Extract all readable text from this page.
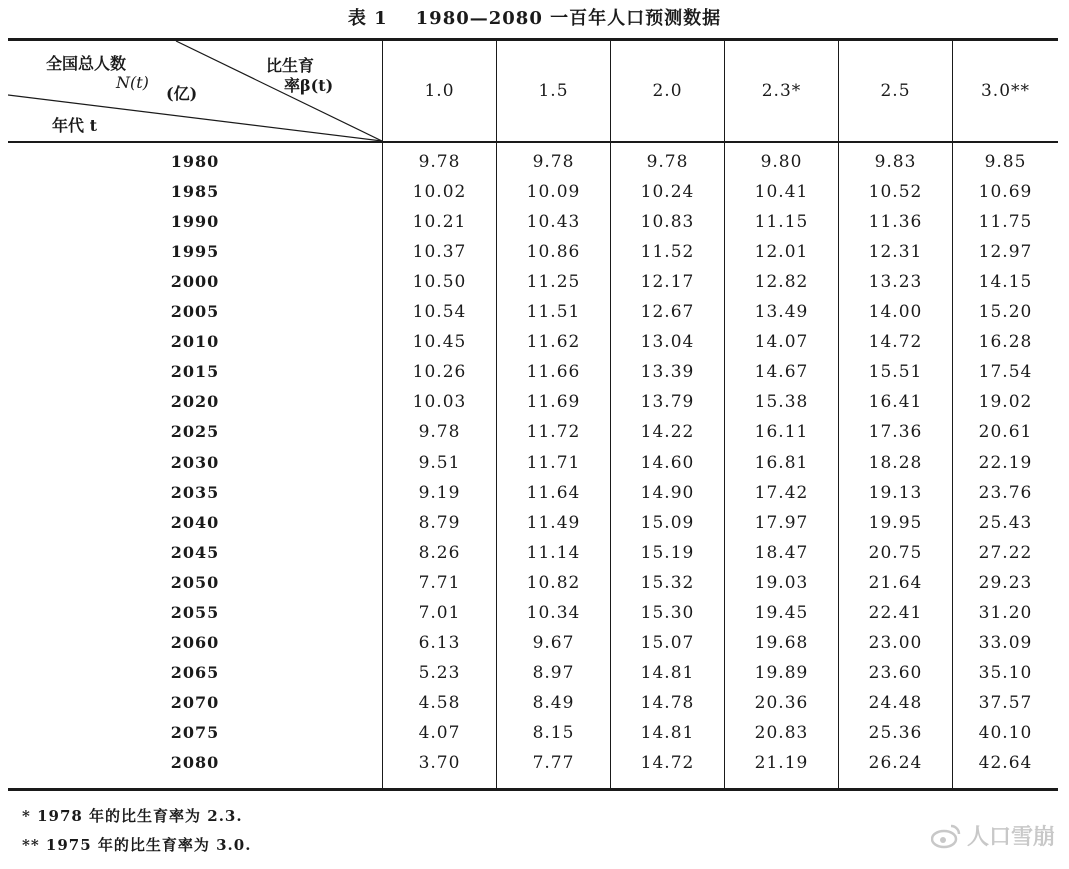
表 1 1980—2080 一百年人口预测数据
全国总人数
N(t)
(亿)
比生育
率β(t)
年代 t
1.0	1.5	2.0	2.3*	2.5	3.0**
1980	9.78	9.78	9.78	9.80	9.83	9.85
1985	10.02	10.09	10.24	10.41	10.52	10.69
1990	10.21	10.43	10.83	11.15	11.36	11.75
1995	10.37	10.86	11.52	12.01	12.31	12.97
2000	10.50	11.25	12.17	12.82	13.23	14.15
2005	10.54	11.51	12.67	13.49	14.00	15.20
2010	10.45	11.62	13.04	14.07	14.72	16.28
2015	10.26	11.66	13.39	14.67	15.51	17.54
2020	10.03	11.69	13.79	15.38	16.41	19.02
2025	9.78	11.72	14.22	16.11	17.36	20.61
2030	9.51	11.71	14.60	16.81	18.28	22.19
2035	9.19	11.64	14.90	17.42	19.13	23.76
2040	8.79	11.49	15.09	17.97	19.95	25.43
2045	8.26	11.14	15.19	18.47	20.75	27.22
2050	7.71	10.82	15.32	19.03	21.64	29.23
2055	7.01	10.34	15.30	19.45	22.41	31.20
2060	6.13	9.67	15.07	19.68	23.00	33.09
2065	5.23	8.97	14.81	19.89	23.60	35.10
2070	4.58	8.49	14.78	20.36	24.48	37.57
2075	4.07	8.15	14.81	20.83	25.36	40.10
2080	3.70	7.77	14.72	21.19	26.24	42.64
* 1978 年的比生育率为 2.3.
** 1975 年的比生育率为 3.0.	人口雪崩
